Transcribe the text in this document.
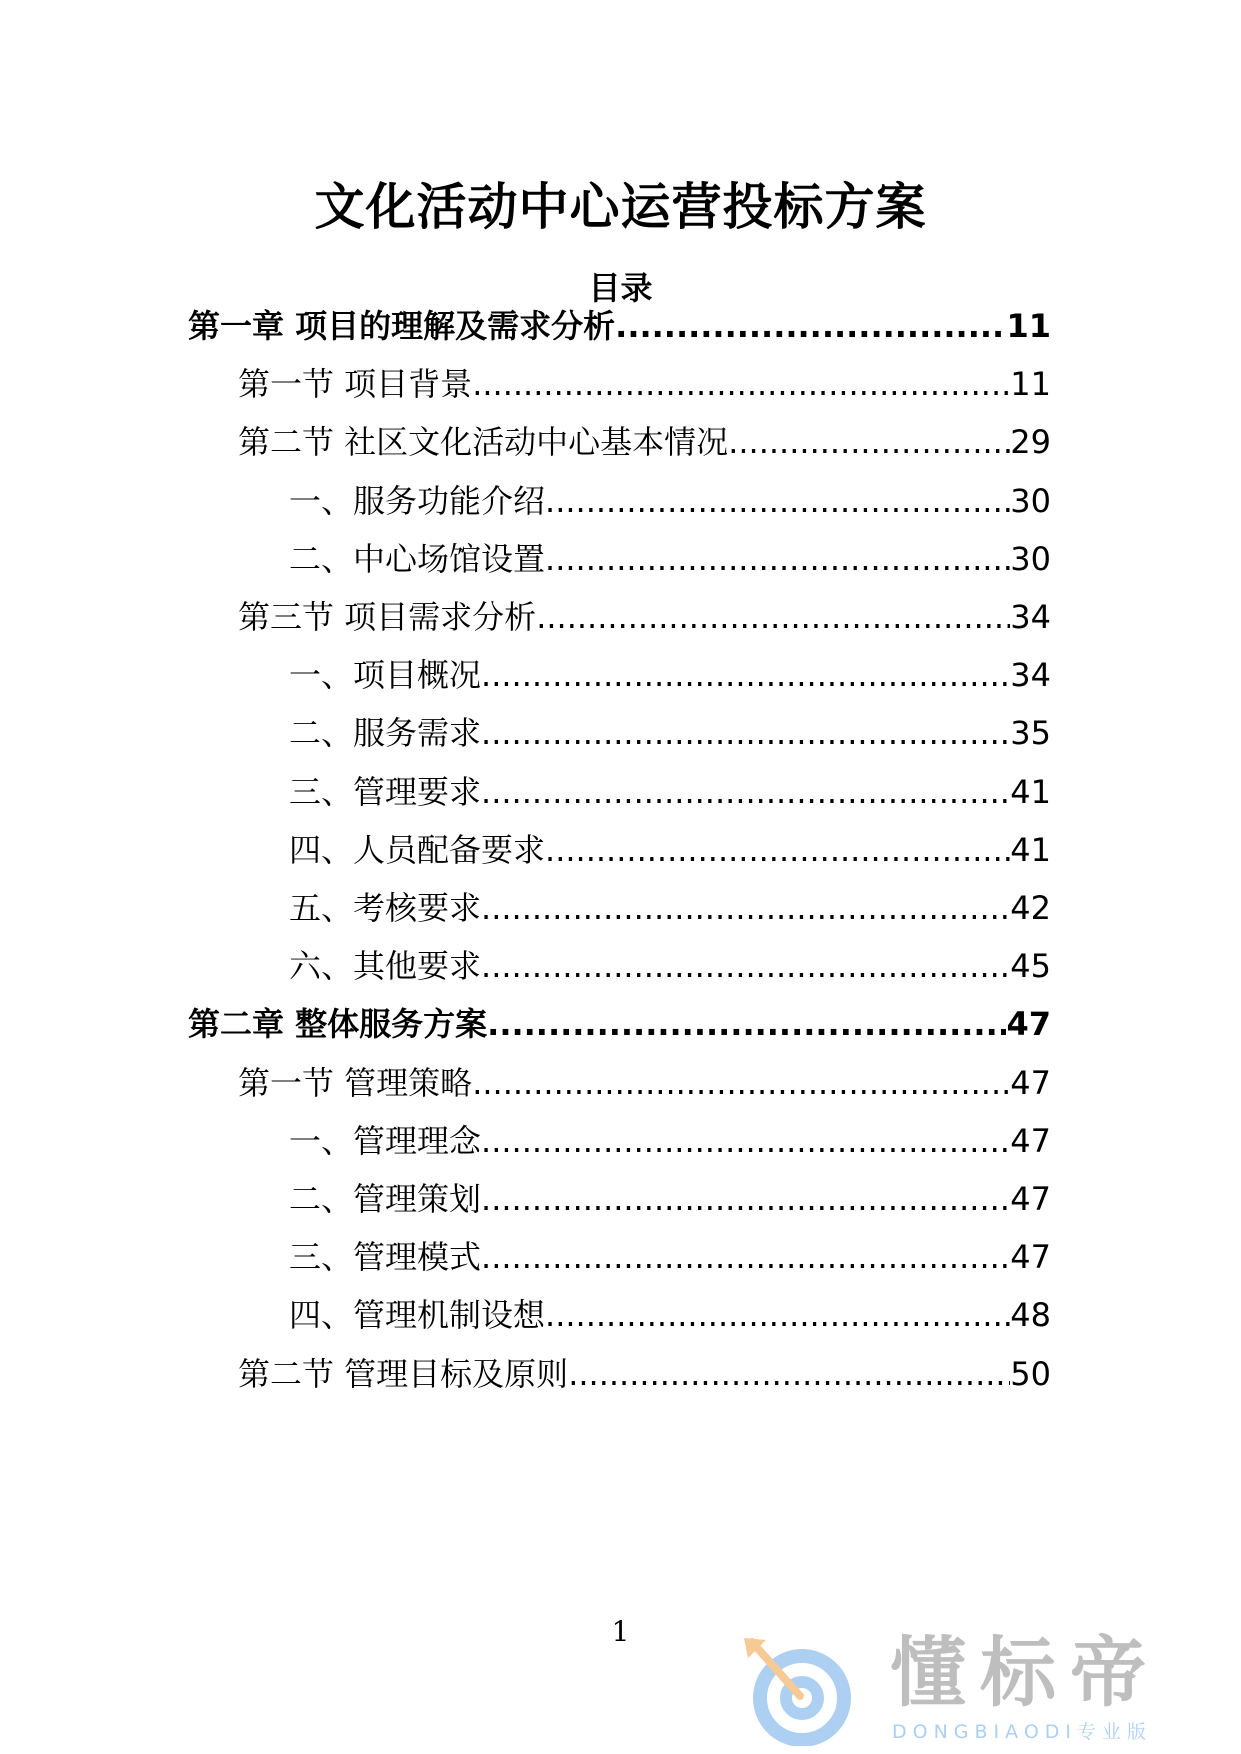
文化活动中心运营投标方案
目录
第一章 项目的理解及需求分析 .....	11
第一节 项目背景 .....	11
第二节 社区文化活动中心基本情况 .....	29
一、服务功能介绍 .....	30
二、中心场馆设置 .....	30
第三节 项目需求分析 .....	34
一、项目概况 .....	34
二、服务需求 .....	35
三、管理要求 .....	41
四、人员配备要求 .....	41
五、考核要求 .....	42
六、其他要求 .....	45
第二章 整体服务方案 .....	47
第一节 管理策略 .....	47
一、管理理念 .....	47
二、管理策划 .....	47
三、管理模式 .....	47
四、管理机制设想 .....	48
第二节 管理目标及原则 .....	50
1	懂标帝
DONGBIAODI专业版
